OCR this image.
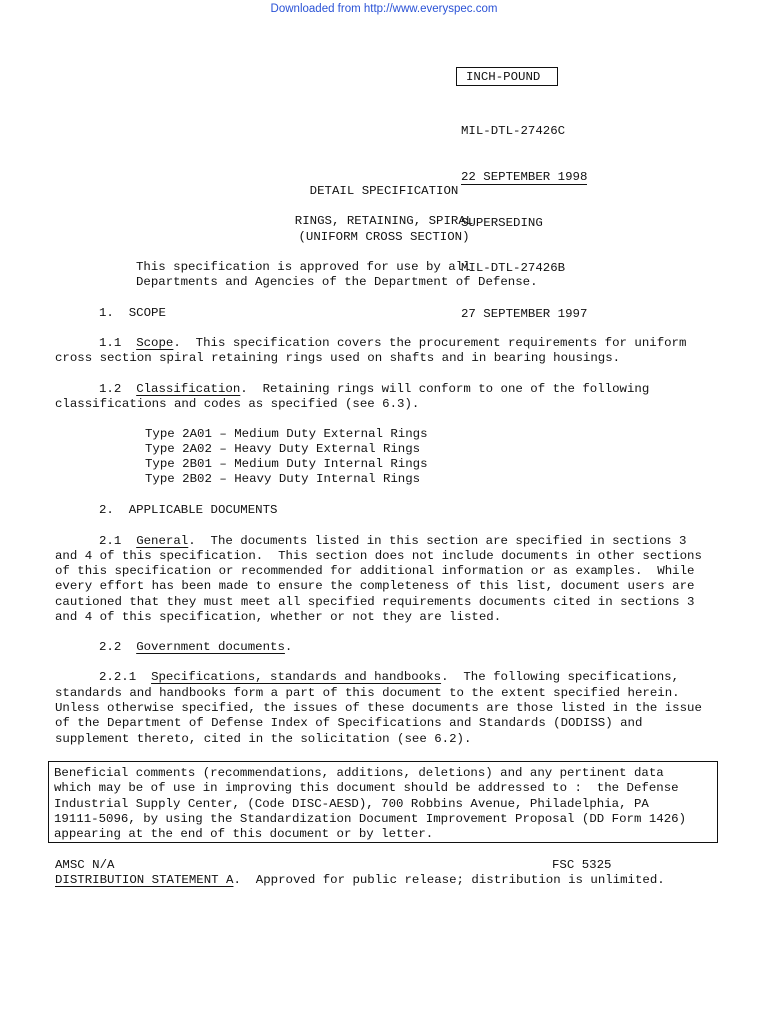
Downloaded from http://www.everyspec.com
INCH-POUND

MIL-DTL-27426C

22 SEPTEMBER 1998

SUPERSEDING

MIL-DTL-27426B

27 SEPTEMBER 1997

DETAIL SPECIFICATION
RINGS, RETAINING, SPIRAL
(UNIFORM CROSS SECTION)
This specification is approved for use by all
Departments and Agencies of the Department of Defense.
1.  SCOPE
1.1 Scope.  This specification covers the procurement requirements for uniform
cross section spiral retaining rings used on shafts and in bearing housings.
1.2 Classification.  Retaining rings will conform to one of the following
classifications and codes as specified (see 6.3).
Type 2A01 – Medium Duty External Rings
Type 2A02 – Heavy Duty External Rings
Type 2B01 – Medium Duty Internal Rings
Type 2B02 – Heavy Duty Internal Rings
2.  APPLICABLE DOCUMENTS
2.1 General.  The documents listed in this section are specified in sections 3
and 4 of this specification.  This section does not include documents in other sections
of this specification or recommended for additional information or as examples.  While
every effort has been made to ensure the completeness of this list, document users are
cautioned that they must meet all specified requirements documents cited in sections 3
and 4 of this specification, whether or not they are listed.
2.2 Government documents.
2.2.1 Specifications, standards and handbooks.  The following specifications,
standards and handbooks form a part of this document to the extent specified herein.
Unless otherwise specified, the issues of these documents are those listed in the issue
of the Department of Defense Index of Specifications and Standards (DODISS) and
supplement thereto, cited in the solicitation (see 6.2).
Beneficial comments (recommendations, additions, deletions) and any pertinent data
which may be of use in improving this document should be addressed to :  the Defense
Industrial Supply Center, (Code DISC-AESD), 700 Robbins Avenue, Philadelphia, PA
19111-5096, by using the Standardization Document Improvement Proposal (DD Form 1426)
appearing at the end of this document or by letter.
AMSC N/A	FSC 5325
DISTRIBUTION STATEMENT A.  Approved for public release; distribution is unlimited.
